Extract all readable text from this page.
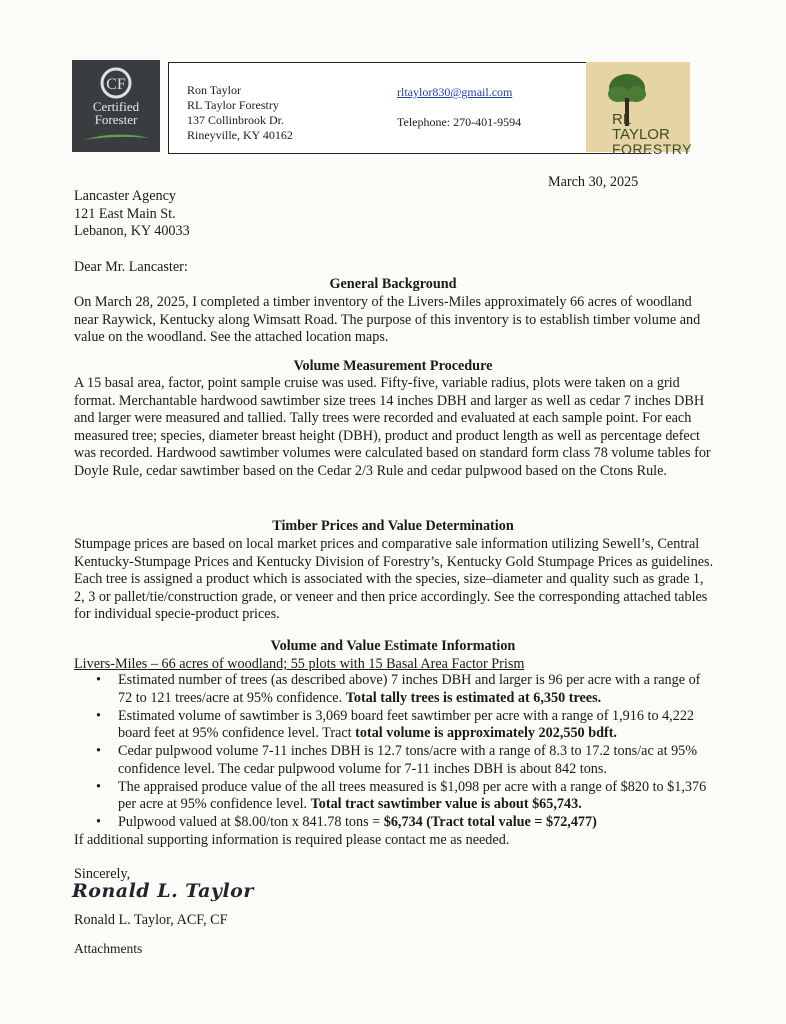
CF
Certified
Forester
Ron Taylor
RL Taylor Forestry
137 Collinbrook Dr.
Rineyville, KY 40162
rltaylor830@gmail.com
Telephone: 270-401-9594	RL TAYLOR
FORESTRY
March 30, 2025
Lancaster Agency
121 East Main St.
Lebanon, KY 40033
Dear Mr. Lancaster:
General Background
On March 28, 2025, I completed a timber inventory of the Livers-Miles approximately 66 acres of woodland near Raywick, Kentucky along Wimsatt Road. The purpose of this inventory is to establish timber volume and value on the woodland. See the attached location maps.
Volume Measurement Procedure
A 15 basal area, factor, point sample cruise was used. Fifty-five, variable radius, plots were taken on a grid format. Merchantable hardwood sawtimber size trees 14 inches DBH and larger as well as cedar 7 inches DBH and larger were measured and tallied. Tally trees were recorded and evaluated at each sample point. For each measured tree; species, diameter breast height (DBH), product and product length as well as percentage defect was recorded. Hardwood sawtimber volumes were calculated based on standard form class 78 volume tables for Doyle Rule, cedar sawtimber based on the Cedar 2/3 Rule and cedar pulpwood based on the Ctons Rule.
Timber Prices and Value Determination
Stumpage prices are based on local market prices and comparative sale information utilizing Sewell’s, Central Kentucky-Stumpage Prices and Kentucky Division of Forestry’s, Kentucky Gold Stumpage Prices as guidelines. Each tree is assigned a product which is associated with the species, size–diameter and quality such as grade 1, 2, 3 or pallet/tie/construction grade, or veneer and then price accordingly. See the corresponding attached tables for individual specie-product prices.
Volume and Value Estimate Information
Livers-Miles – 66 acres of woodland; 55 plots with 15 Basal Area Factor Prism
• Estimated number of trees (as described above) 7 inches DBH and larger is 96 per acre with a range of 72 to 121 trees/acre at 95% confidence. Total tally trees is estimated at 6,350 trees.
• Estimated volume of sawtimber is 3,069 board feet sawtimber per acre with a range of 1,916 to 4,222 board feet at 95% confidence level. Tract total volume is approximately 202,550 bdft.
• Cedar pulpwood volume 7-11 inches DBH is 12.7 tons/acre with a range of 8.3 to 17.2 tons/ac at 95% confidence level. The cedar pulpwood volume for 7-11 inches DBH is about 842 tons.
• The appraised produce value of the all trees measured is $1,098 per acre with a range of $820 to $1,376 per acre at 95% confidence level. Total tract sawtimber value is about $65,743.
• Pulpwood valued at $8.00/ton x 841.78 tons = $6,734 (Tract total value = $72,477)
If additional supporting information is required please contact me as needed.
Sincerely,
Ronald L. Taylor
Ronald L. Taylor, ACF, CF
Attachments
